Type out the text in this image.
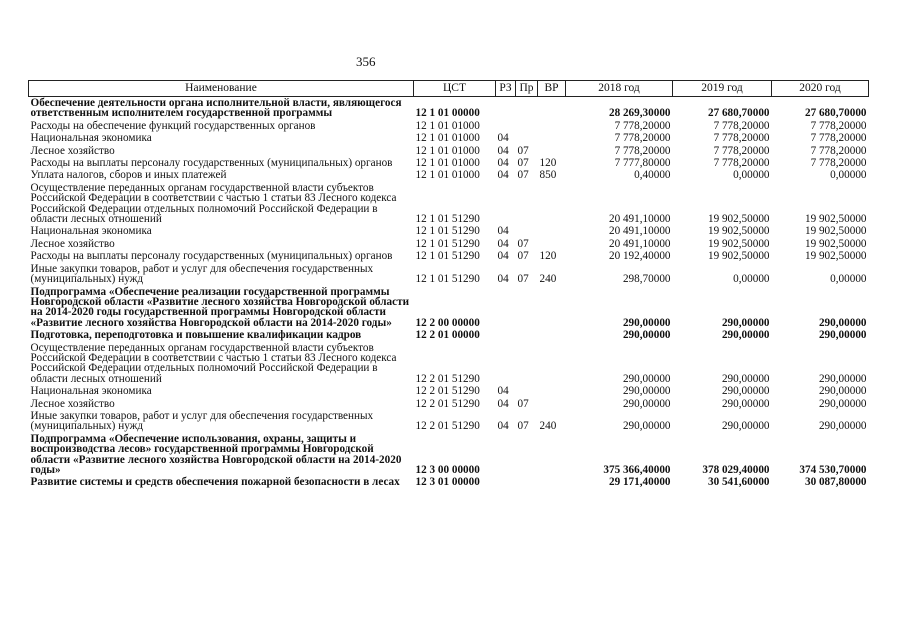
356
Наименование	ЦСТ	РЗ	Пр	ВР	2018 год	2019 год	2020 год
Обеспечение деятельности органа исполнительной власти, являющегося ответственным исполнителем государственной программы	12 1 01 00000				28 269,30000	27 680,70000	27 680,70000
Расходы на обеспечение функций государственных органов	12 1 01 01000				7 778,20000	7 778,20000	7 778,20000
Национальная экономика	12 1 01 01000	04			7 778,20000	7 778,20000	7 778,20000
Лесное хозяйство	12 1 01 01000	04	07		7 778,20000	7 778,20000	7 778,20000
Расходы на выплаты персоналу государственных (муниципальных) органов	12 1 01 01000	04	07	120	7 777,80000	7 778,20000	7 778,20000
Уплата налогов, сборов и иных платежей	12 1 01 01000	04	07	850	0,40000	0,00000	0,00000
Осуществление переданных органам государственной власти субъектов Российской Федерации в соответствии с частью 1 статьи 83 Лесного кодекса Российской Федерации отдельных полномочий Российской Федерации в области лесных отношений	12 1 01 51290				20 491,10000	19 902,50000	19 902,50000
Национальная экономика	12 1 01 51290	04			20 491,10000	19 902,50000	19 902,50000
Лесное хозяйство	12 1 01 51290	04	07		20 491,10000	19 902,50000	19 902,50000
Расходы на выплаты персоналу государственных (муниципальных) органов	12 1 01 51290	04	07	120	20 192,40000	19 902,50000	19 902,50000
Иные закупки товаров, работ и услуг для обеспечения государственных (муниципальных) нужд	12 1 01 51290	04	07	240	298,70000	0,00000	0,00000
Подпрограмма «Обеспечение реализации государственной программы Новгородской области «Развитие лесного хозяйства Новгородской области на 2014-2020 годы государственной программы Новгородской области «Развитие лесного хозяйства Новгородской области на 2014-2020 годы»	12 2 00 00000				290,00000	290,00000	290,00000
Подготовка, переподготовка и повышение квалификации кадров	12 2 01 00000				290,00000	290,00000	290,00000
Осуществление переданных органам государственной власти субъектов Российской Федерации в соответствии с частью 1 статьи 83 Лесного кодекса Российской Федерации отдельных полномочий Российской Федерации в области лесных отношений	12 2 01 51290				290,00000	290,00000	290,00000
Национальная экономика	12 2 01 51290	04			290,00000	290,00000	290,00000
Лесное хозяйство	12 2 01 51290	04	07		290,00000	290,00000	290,00000
Иные закупки товаров, работ и услуг для обеспечения государственных (муниципальных) нужд	12 2 01 51290	04	07	240	290,00000	290,00000	290,00000
Подпрограмма «Обеспечение использования, охраны, защиты и воспроизводства лесов» государственной программы Новгородской области «Развитие лесного хозяйства Новгородской области на 2014-2020 годы»	12 3 00 00000				375 366,40000	378 029,40000	374 530,70000
Развитие системы и средств обеспечения пожарной безопасности в лесах	12 3 01 00000				29 171,40000	30 541,60000	30 087,80000
